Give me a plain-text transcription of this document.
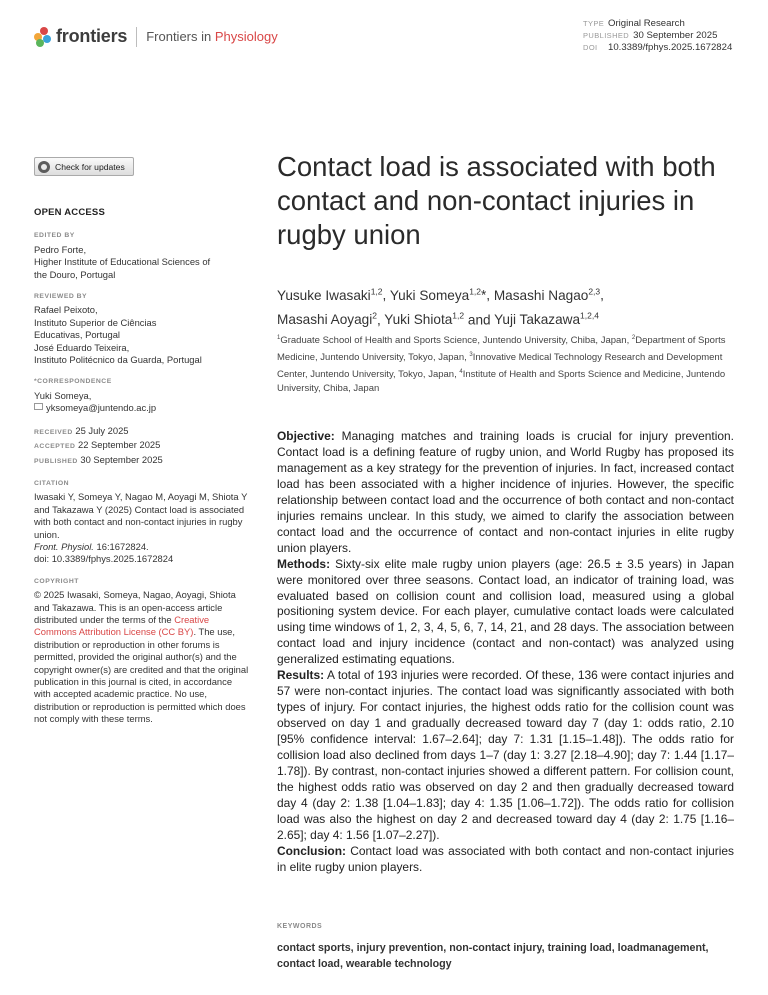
frontiers Frontiers in Physiology
TYPE Original Research
PUBLISHED 30 September 2025
DOI 10.3389/fphys.2025.1672824
Check for updates
OPEN ACCESS
EDITED BY

Pedro Forte,

Higher Institute of Educational Sciences of

the Douro, Portugal

REVIEWED BY

Rafael Peixoto,

Instituto Superior de Ciências

Educativas, Portugal

José Eduardo Teixeira,

Instituto Politécnico da Guarda, Portugal

*CORRESPONDENCE

Yuki Someya,

yksomeya@juntendo.ac.jp

RECEIVED 25 July 2025
ACCEPTED 22 September 2025
PUBLISHED 30 September 2025
CITATION

Iwasaki Y, Someya Y, Nagao M, Aoyagi M, Shiota Y and Takazawa Y (2025) Contact load is associated with both contact and non-contact injuries in rugby union.
Front. Physiol. 16:1672824.
doi: 10.3389/fphys.2025.1672824

COPYRIGHT

© 2025 Iwasaki, Someya, Nagao, Aoyagi, Shiota and Takazawa. This is an open-access article distributed under the terms of the Creative Commons Attribution License (CC BY). The use, distribution or reproduction in other forums is permitted, provided the original author(s) and the copyright owner(s) are credited and that the original publication in this journal is cited, in accordance with accepted academic practice. No use, distribution or reproduction is permitted which does not comply with these terms.

Contact load is associated with both contact and non-contact injuries in rugby union

Yusuke Iwasaki$^{1,2}$, Yuki Someya$^{1,2}$*, Masashi Nagao$^{2,3}$,
Masashi Aoyagi$^2$, Yuki Shiota$^{1,2}$ and Yuji Takazawa$^{1,2,4}$

$^1$Graduate School of Health and Sports Science, Juntendo University, Chiba, Japan, $^2$Department of Sports Medicine, Juntendo University, Tokyo, Japan, $^3$Innovative Medical Technology Research and Development Center, Juntendo University, Tokyo, Japan, $^4$Institute of Health and Sports Science and Medicine, Juntendo University, Chiba, Japan

Objective: Managing matches and training loads is crucial for injury prevention. Contact load is a defining feature of rugby union, and World Rugby has proposed its management as a key strategy for the prevention of injuries. In fact, increased contact load has been associated with a higher incidence of injuries. However, the specific relationship between contact load and the occurrence of both contact and non-contact injuries remains unclear. In this study, we aimed to clarify the association between contact load and the occurrence of contact and non-contact injuries in elite rugby union players.

Methods: Sixty-six elite male rugby union players (age: 26.5 ± 3.5 years) in Japan were monitored over three seasons. Contact load, an indicator of training load, was evaluated based on collision count and collision load, measured using a global positioning system device. For each player, cumulative contact loads were calculated using time windows of 1, 2, 3, 4, 5, 6, 7, 14, 21, and 28 days. The association between contact load and injury incidence (contact and non-contact) was analyzed using generalized estimating equations.

Results: A total of 193 injuries were recorded. Of these, 136 were contact injuries and 57 were non-contact injuries. The contact load was significantly associated with both types of injury. For contact injuries, the highest odds ratio for the collision count was observed on day 1 and gradually decreased toward day 7 (day 1: odds ratio, 2.10 [95% confidence interval: 1.67–2.64]; day 7: 1.31 [1.15–1.48]). The odds ratio for collision load also declined from days 1–7 (day 1: 3.27 [2.18–4.90]; day 7: 1.44 [1.17–1.78]). By contrast, non-contact injuries showed a different pattern. For collision count, the highest odds ratio was observed on day 2 and then gradually decreased toward day 4 (day 2: 1.38 [1.04–1.83]; day 4: 1.35 [1.06–1.72]). The odds ratio for collision load was also the highest on day 2 and decreased toward day 4 (day 2: 1.75 [1.16–2.65]; day 4: 1.56 [1.07–2.27]).

Conclusion: Contact load was associated with both contact and non-contact injuries in elite rugby union players.

KEYWORDS

contact sports, injury prevention, non-contact injury, training load, loadmanagement, contact load, wearable technology
